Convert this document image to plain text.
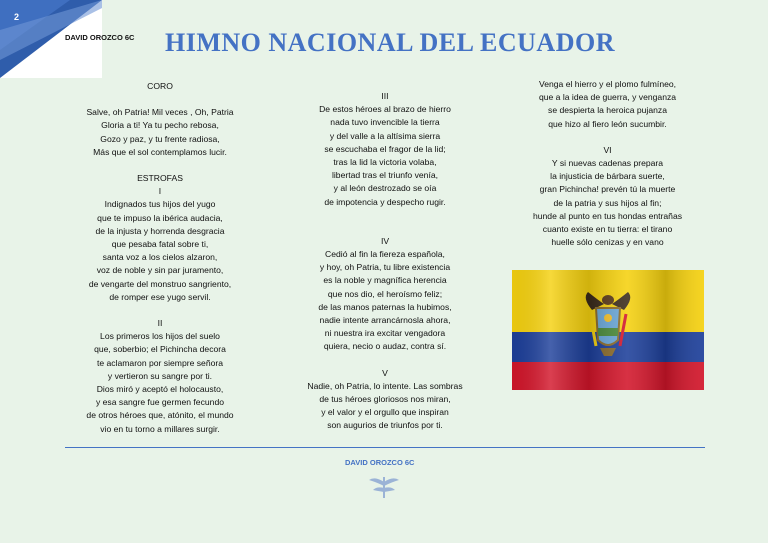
2
DAVID OROZCO 6C HIMNO NACIONAL DEL ECUADOR
CORO
Salve, oh Patria! Mil veces , Oh, Patria
Gloria a ti! Ya tu pecho rebosa,
Gozo y paz, y tu frente radiosa,
Más que el sol contemplamos lucir.
ESTROFAS
I
Indignados tus hijos del yugo
que te impuso la ibérica audacia,
de la injusta y horrenda desgracia
que pesaba fatal sobre ti,
santa voz a los cielos alzaron,
voz de noble y sin par juramento,
de vengarte del monstruo sangriento,
de romper ese yugo servil.
II
Los primeros los hijos del suelo
que, soberbio; el Pichincha decora
te aclamaron por siempre señora
y vertieron su sangre por ti.
Dios miró y aceptó el holocausto,
y esa sangre fue germen fecundo
de otros héroes que, atónito, el mundo
vio en tu torno a millares surgir.
III
De estos héroes al brazo de hierro
nada tuvo invencible la tierra
y del valle a la altísima sierra
se escuchaba el fragor de la lid;
tras la lid la victoria volaba,
libertad tras el triunfo venía,
y al león destrozado se oía
de impotencia y despecho rugir.
IV
Cedió al fin la fiereza española,
y hoy, oh Patria, tu libre existencia
es la noble y magnífica herencia
que nos dio, el heroísmo feliz;
de las manos paternas la hubimos,
nadie intente arrancárnosla ahora,
ni nuestra ira excitar vengadora
quiera, necio o audaz, contra sí.
V
Nadie, oh Patria, lo intente. Las sombras
de tus héroes gloriosos nos miran,
y el valor y el orgullo que inspiran
son augurios de triunfos por ti.
Venga el hierro y el plomo fulmíneo,
que a la idea de guerra, y venganza
se despierta la heroica pujanza
que hizo al fiero león sucumbir.
VI
Y si nuevas cadenas prepara
la injusticia de bárbara suerte,
gran Pichincha! prevén tú la muerte
de la patria y sus hijos al fin;
hunde al punto en tus hondas entrañas
cuanto existe en tu tierra: el tirano
huelle sólo cenizas y en vano
DAVID OROZCO 6C
